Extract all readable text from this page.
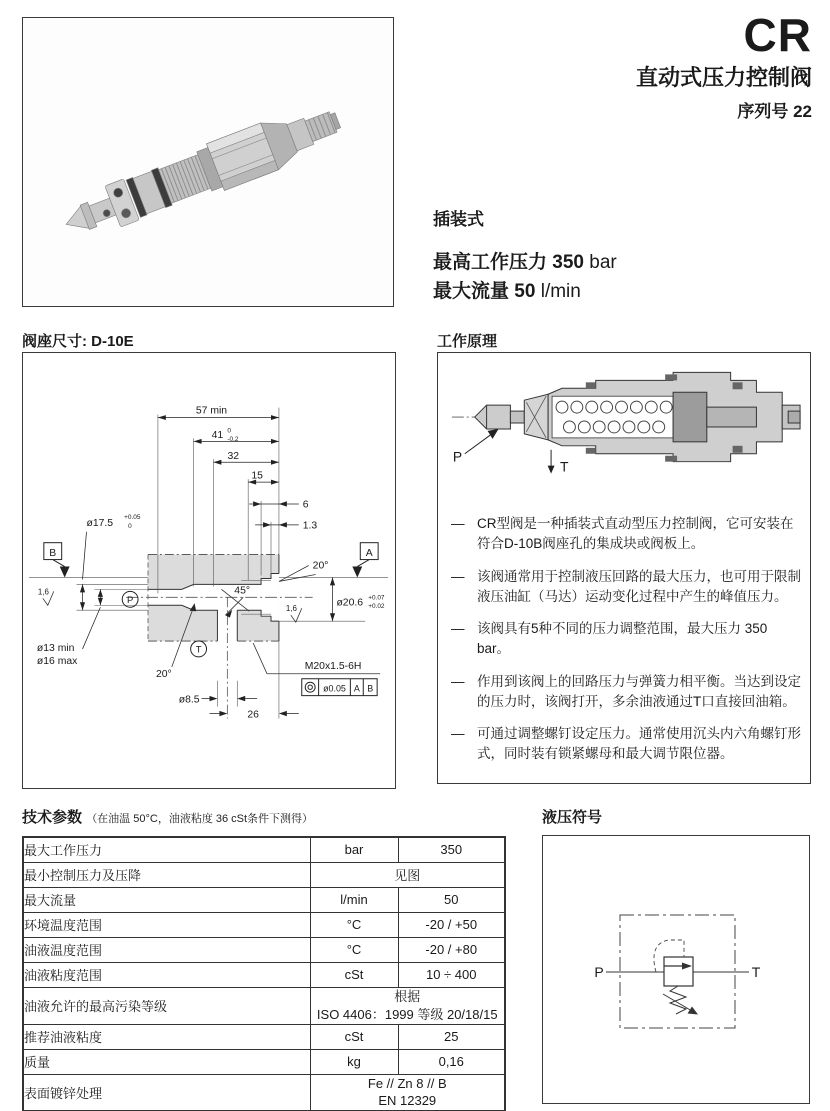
CR
直动式压力控制阀
序列号 22
插装式
最高工作压力 350 bar
最大流量 50 l/min
阀座尺寸: D-10E
57 min
41 0
-0.2
32
15
6
1.3
ø17.5
+0.05
0
B	A
P
T
45°
20°
20°
ø20.6 +0.07
+0.02
1,6
1,6
ø13 min
ø16 max
ø8.5
26
M20x1.5-6H
ø0.05 A B
工作原理
P
T
— CR型阀是一种插装式直动型压力控制阀，它可安装在符合D-10B阀座孔的集成块或阀板上。
— 该阀通常用于控制液压回路的最大压力，也可用于限制液压油缸（马达）运动变化过程中产生的峰值压力。
— 该阀具有5种不同的压力调整范围，最大压力 350 bar。
— 作用到该阀上的回路压力与弹簧力相平衡。当达到设定的压力时，该阀打开，多余油液通过T口直接回油箱。
— 可通过调整螺钉设定压力。通常使用沉头内六角螺钉形式，同时装有锁紧螺母和最大调节限位器。
技术参数 （在油温 50°C，油液粘度 36 cSt条件下测得）
最大工作压力	bar	350
最小控制压力及压降	见图	
最大流量	l/min	50
环境温度范围	°C	-20 / +50
油液温度范围	°C	-20 / +80
油液粘度范围	cSt	10 ÷ 400
油液允许的最高污染等级	根据
ISO 4406：1999 等级 20/18/15	

推荐油液粘度	cSt	25
质量	kg	0,16
表面镀锌处理	Fe // Zn 8 // B
EN 12329	
液压符号
P	T
